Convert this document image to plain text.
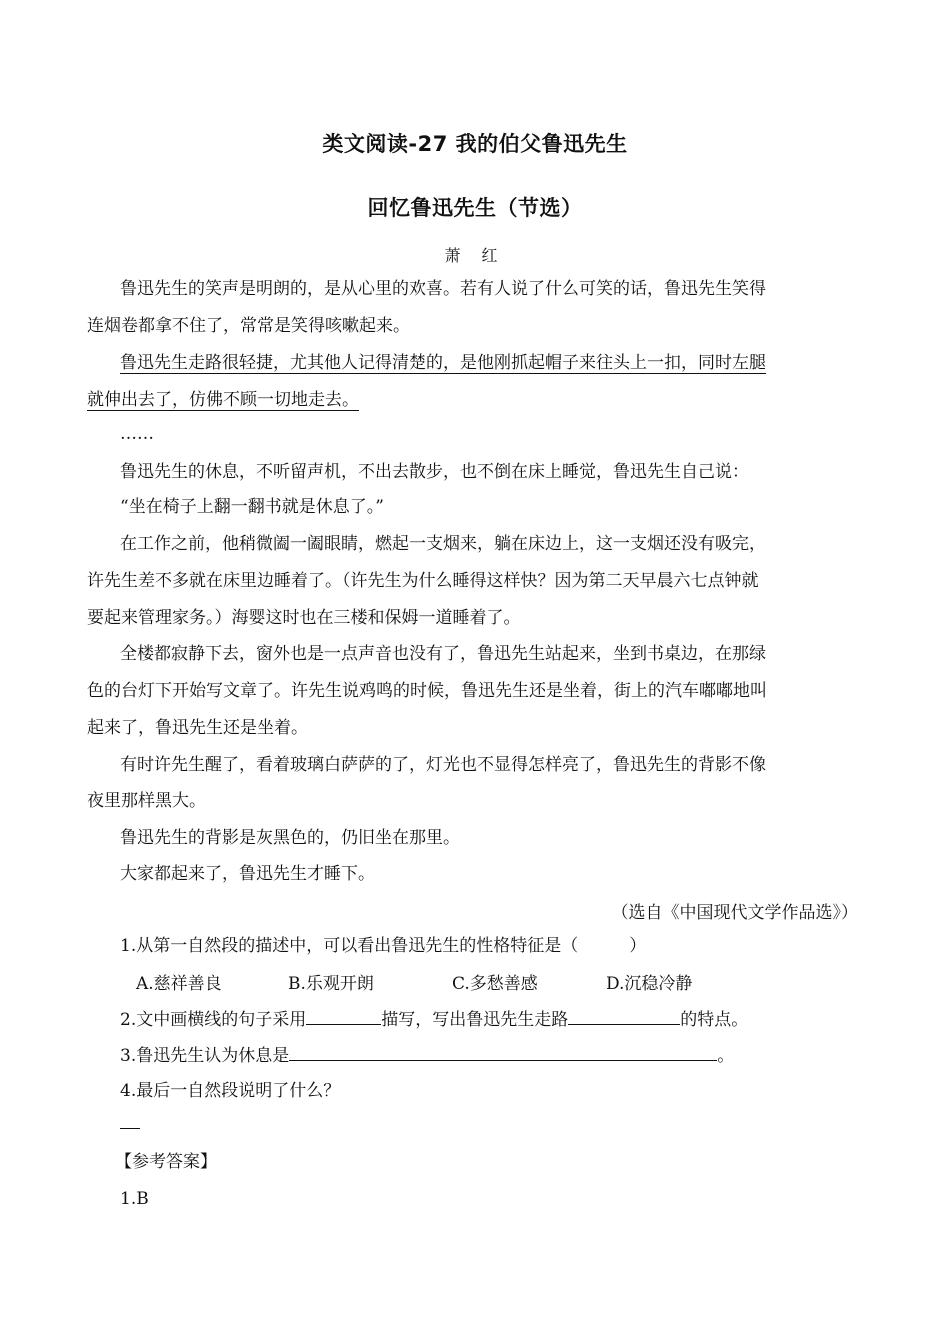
类文阅读-27 我的伯父鲁迅先生
回忆鲁迅先生（节选）
萧 红
鲁迅先生的笑声是明朗的，是从心里的欢喜。若有人说了什么可笑的话，鲁迅先生笑得
连烟卷都拿不住了，常常是笑得咳嗽起来。
鲁迅先生走路很轻捷，尤其他人记得清楚的，是他刚抓起帽子来往头上一扣，同时左腿
就伸出去了，仿佛不顾一切地走去。
……
鲁迅先生的休息，不听留声机，不出去散步，也不倒在床上睡觉，鲁迅先生自己说：
“坐在椅子上翻一翻书就是休息了。”
在工作之前，他稍微阖一阖眼睛，燃起一支烟来，躺在床边上，这一支烟还没有吸完，
许先生差不多就在床里边睡着了。（许先生为什么睡得这样快？因为第二天早晨六七点钟就
要起来管理家务。）海婴这时也在三楼和保姆一道睡着了。
全楼都寂静下去，窗外也是一点声音也没有了，鲁迅先生站起来，坐到书桌边，在那绿
色的台灯下开始写文章了。许先生说鸡鸣的时候，鲁迅先生还是坐着，街上的汽车嘟嘟地叫
起来了，鲁迅先生还是坐着。
有时许先生醒了，看着玻璃白萨萨的了，灯光也不显得怎样亮了，鲁迅先生的背影不像
夜里那样黑大。
鲁迅先生的背影是灰黑色的，仍旧坐在那里。
大家都起来了，鲁迅先生才睡下。
（选自《中国现代文学作品选》）
1.从第一自然段的描述中，可以看出鲁迅先生的性格特征是（　　　）
A.慈祥善良	B.乐观开朗	C.多愁善感	D.沉稳冷静
2.文中画横线的句子采用	描写，写出鲁迅先生走路	的特点。
3.鲁迅先生认为休息是	。
4.最后一自然段说明了什么？
【参考答案】
1.B
